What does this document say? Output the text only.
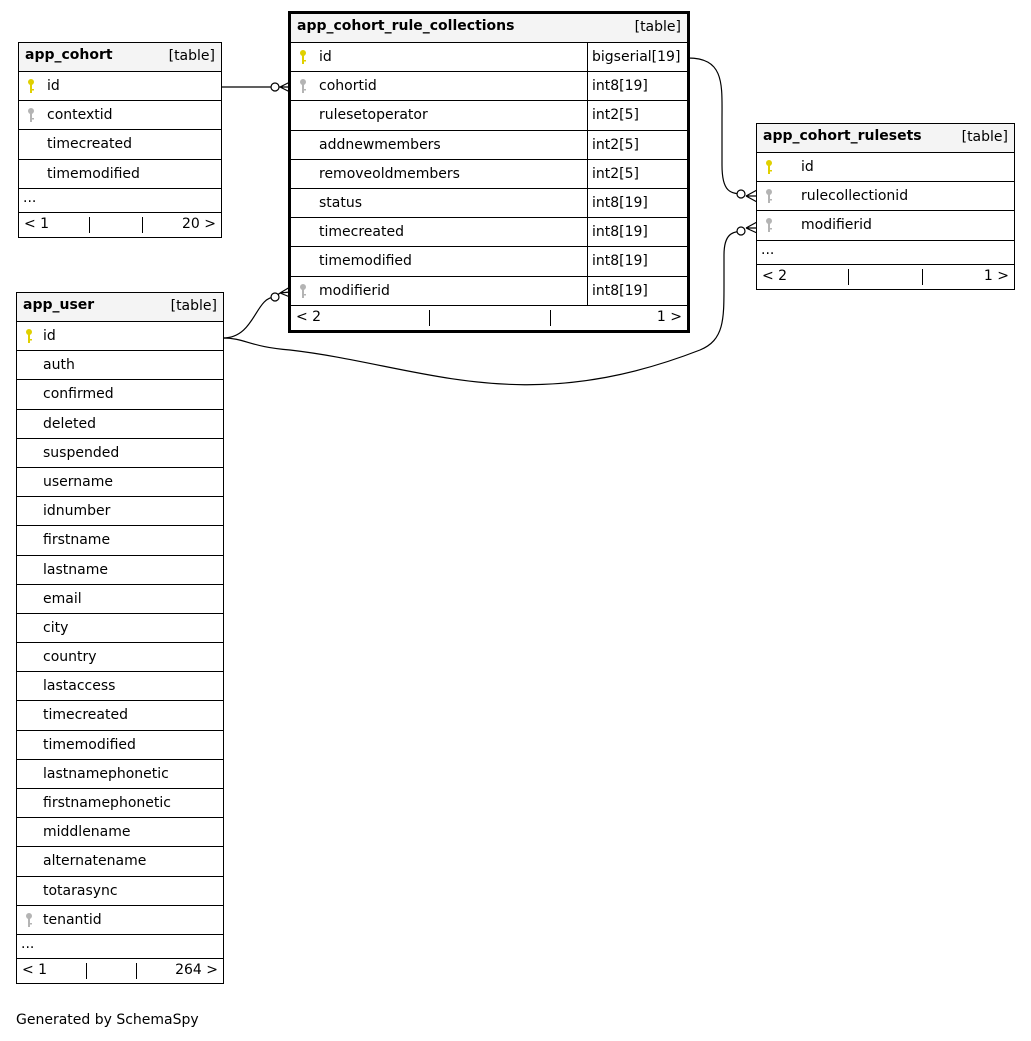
app_cohort	[table]
id
contextid
timecreated
timemodified
...
< 1	20 >
app_cohort_rule_collections	[table]
id	bigserial[19]
cohortid	int8[19]
rulesetoperator	int2[5]
addnewmembers	int2[5]
removeoldmembers	int2[5]
status	int8[19]
timecreated	int8[19]
timemodified	int8[19]
modifierid	int8[19]
< 2	1 >
app_cohort_rulesets	[table]
id
rulecollectionid
modifierid
...
< 2	1 >
app_user	[table]
id
auth
confirmed
deleted
suspended
username
idnumber
firstname
lastname
email
city
country
lastaccess
timecreated
timemodified
lastnamephonetic
firstnamephonetic
middlename
alternatename
totarasync
tenantid
...
< 1	264 >
Generated by SchemaSpy
